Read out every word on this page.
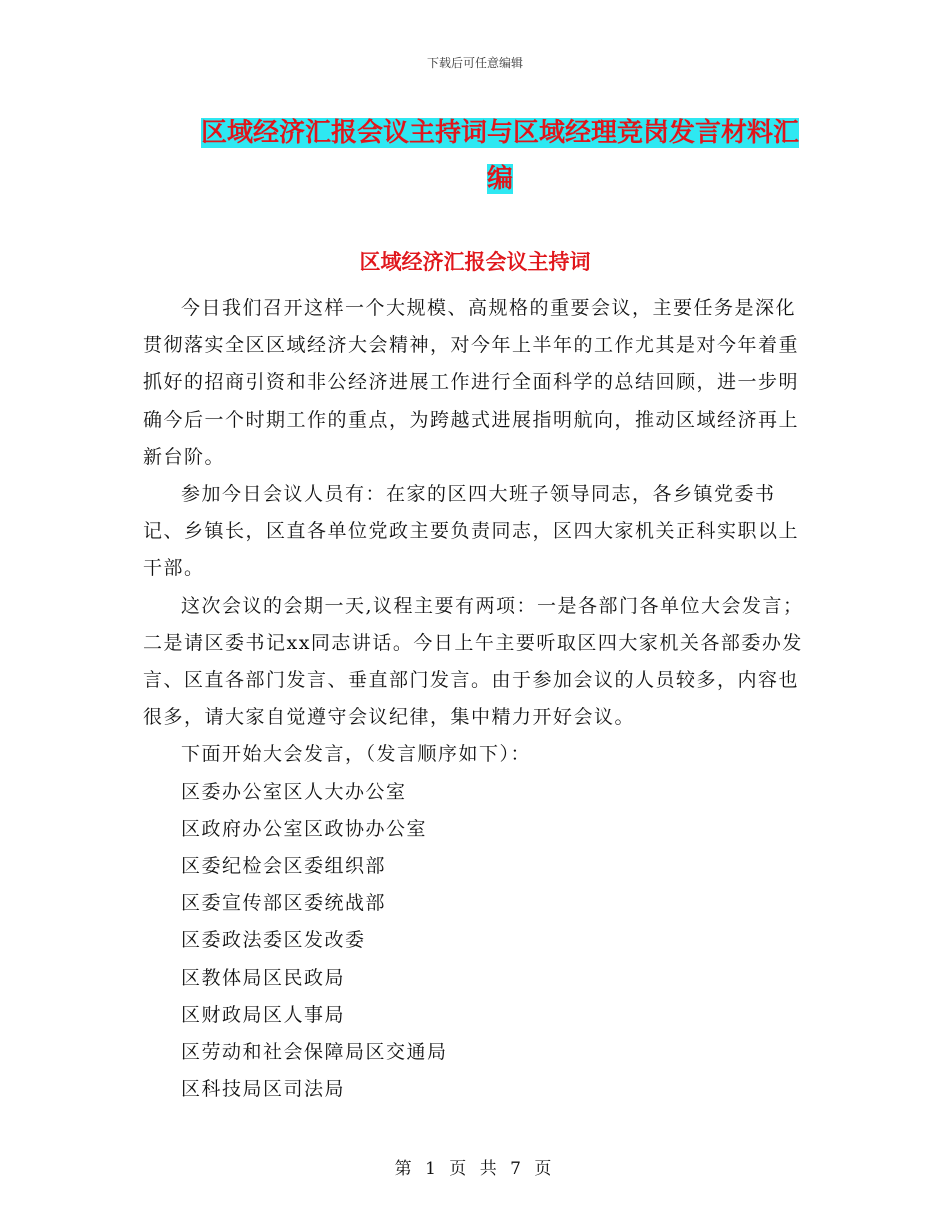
下载后可任意编辑
区域经济汇报会议主持词与区域经理竞岗发言材料汇
编
区域经济汇报会议主持词

今日我们召开这样一个大规模、高规格的重要会议，主要任务是深化贯彻落实全区区域经济大会精神，对今年上半年的工作尤其是对今年着重抓好的招商引资和非公经济进展工作进行全面科学的总结回顾，进一步明确今后一个时期工作的重点，为跨越式进展指明航向，推动区域经济再上新台阶。

参加今日会议人员有：在家的区四大班子领导同志，各乡镇党委书记、乡镇长，区直各单位党政主要负责同志，区四大家机关正科实职以上干部。

这次会议的会期一天,议程主要有两项：一是各部门各单位大会发言；二是请区委书记xx同志讲话。今日上午主要听取区四大家机关各部委办发言、区直各部门发言、垂直部门发言。由于参加会议的人员较多，内容也很多，请大家自觉遵守会议纪律，集中精力开好会议。

下面开始大会发言，（发言顺序如下）：

区委办公室区人大办公室
区政府办公室区政协办公室
区委纪检会区委组织部
区委宣传部区委统战部
区委政法委区发改委
区教体局区民政局
区财政局区人事局
区劳动和社会保障局区交通局
区科技局区司法局
第 1 页 共 7 页
